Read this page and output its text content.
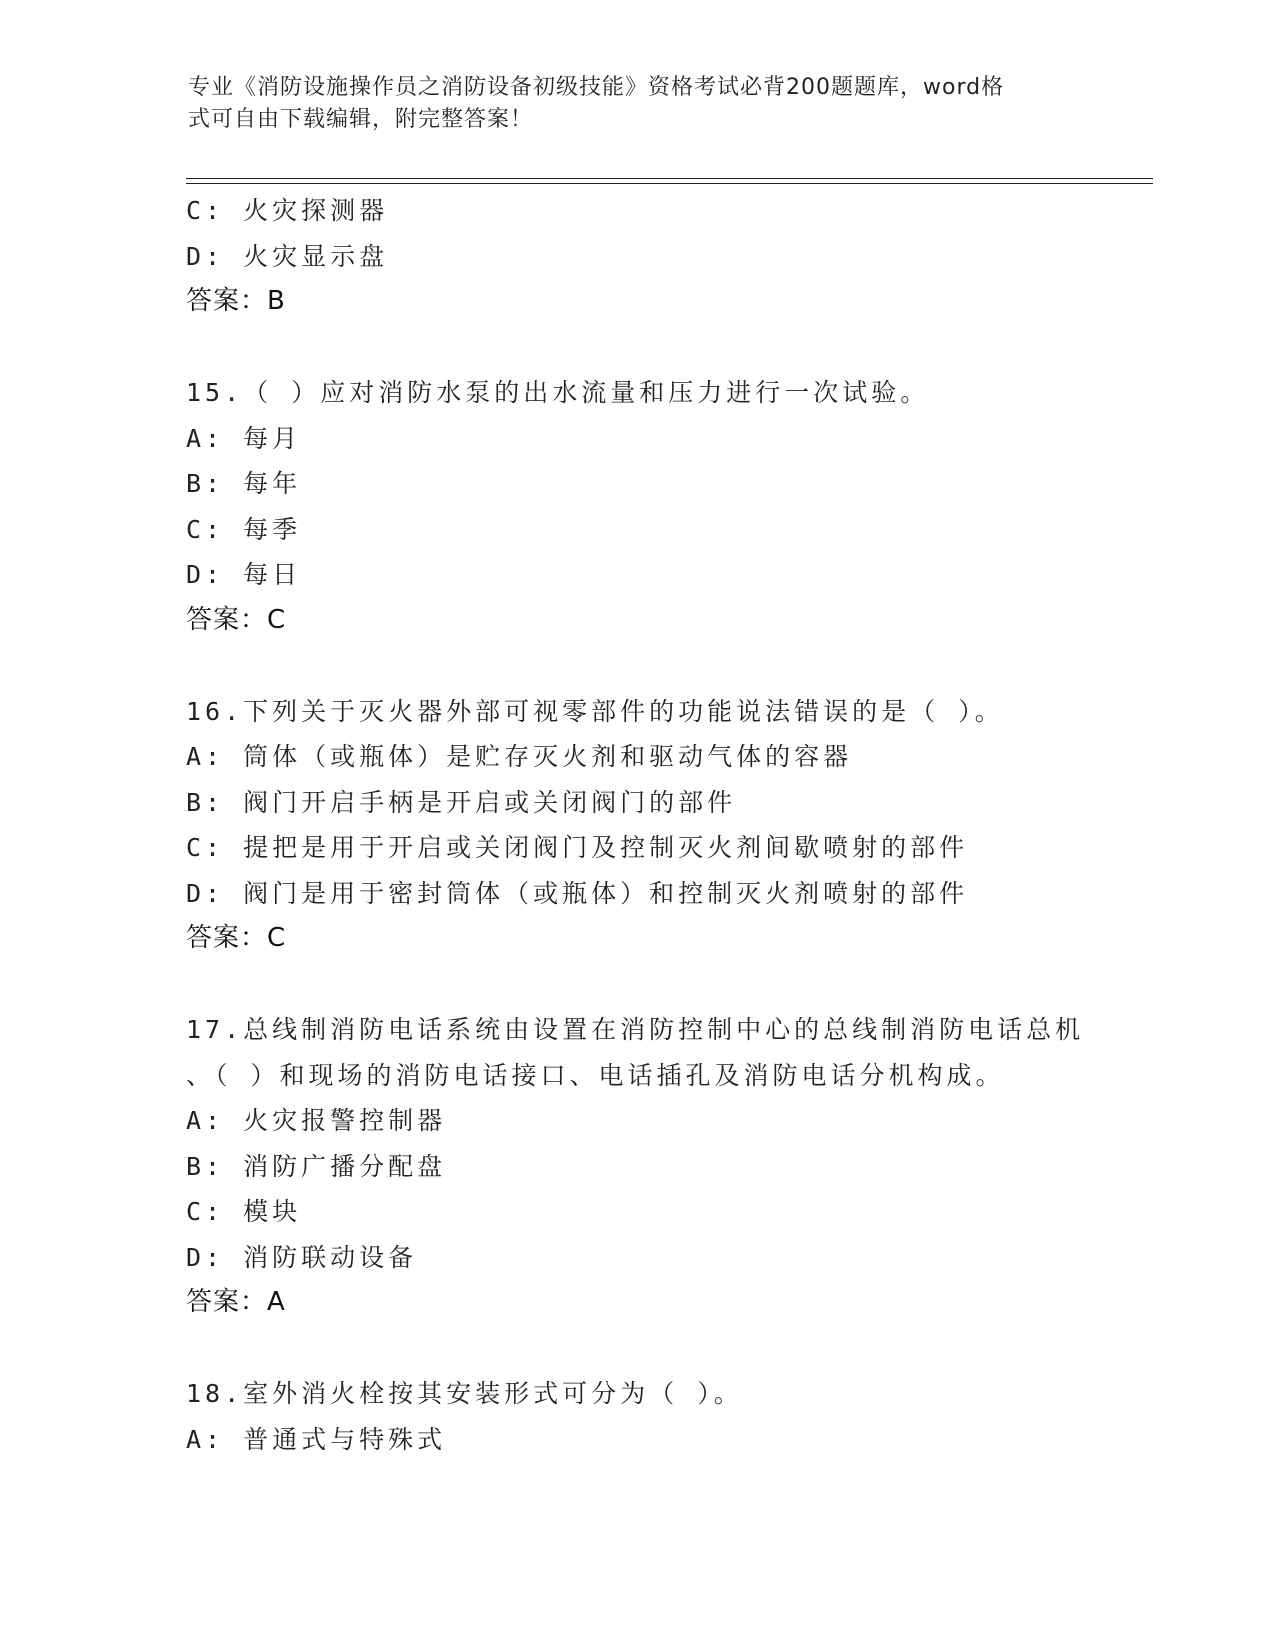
专业《消防设施操作员之消防设备初级技能》资格考试必背200题题库，word格
式可自由下载编辑，附完整答案！
C: 火灾探测器
D: 火灾显示盘
答案：B
15.（ ）应对消防水泵的出水流量和压力进行一次试验。
A: 每月
B: 每年
C: 每季
D: 每日
答案：C
16.下列关于灭火器外部可视零部件的功能说法错误的是（ ）。
A: 筒体（或瓶体）是贮存灭火剂和驱动气体的容器
B: 阀门开启手柄是开启或关闭阀门的部件
C: 提把是用于开启或关闭阀门及控制灭火剂间歇喷射的部件
D: 阀门是用于密封筒体（或瓶体）和控制灭火剂喷射的部件
答案：C
17.总线制消防电话系统由设置在消防控制中心的总线制消防电话总机
、（ ）和现场的消防电话接口、电话插孔及消防电话分机构成。
A: 火灾报警控制器
B: 消防广播分配盘
C: 模块
D: 消防联动设备
答案：A
18.室外消火栓按其安装形式可分为（ ）。
A: 普通式与特殊式
